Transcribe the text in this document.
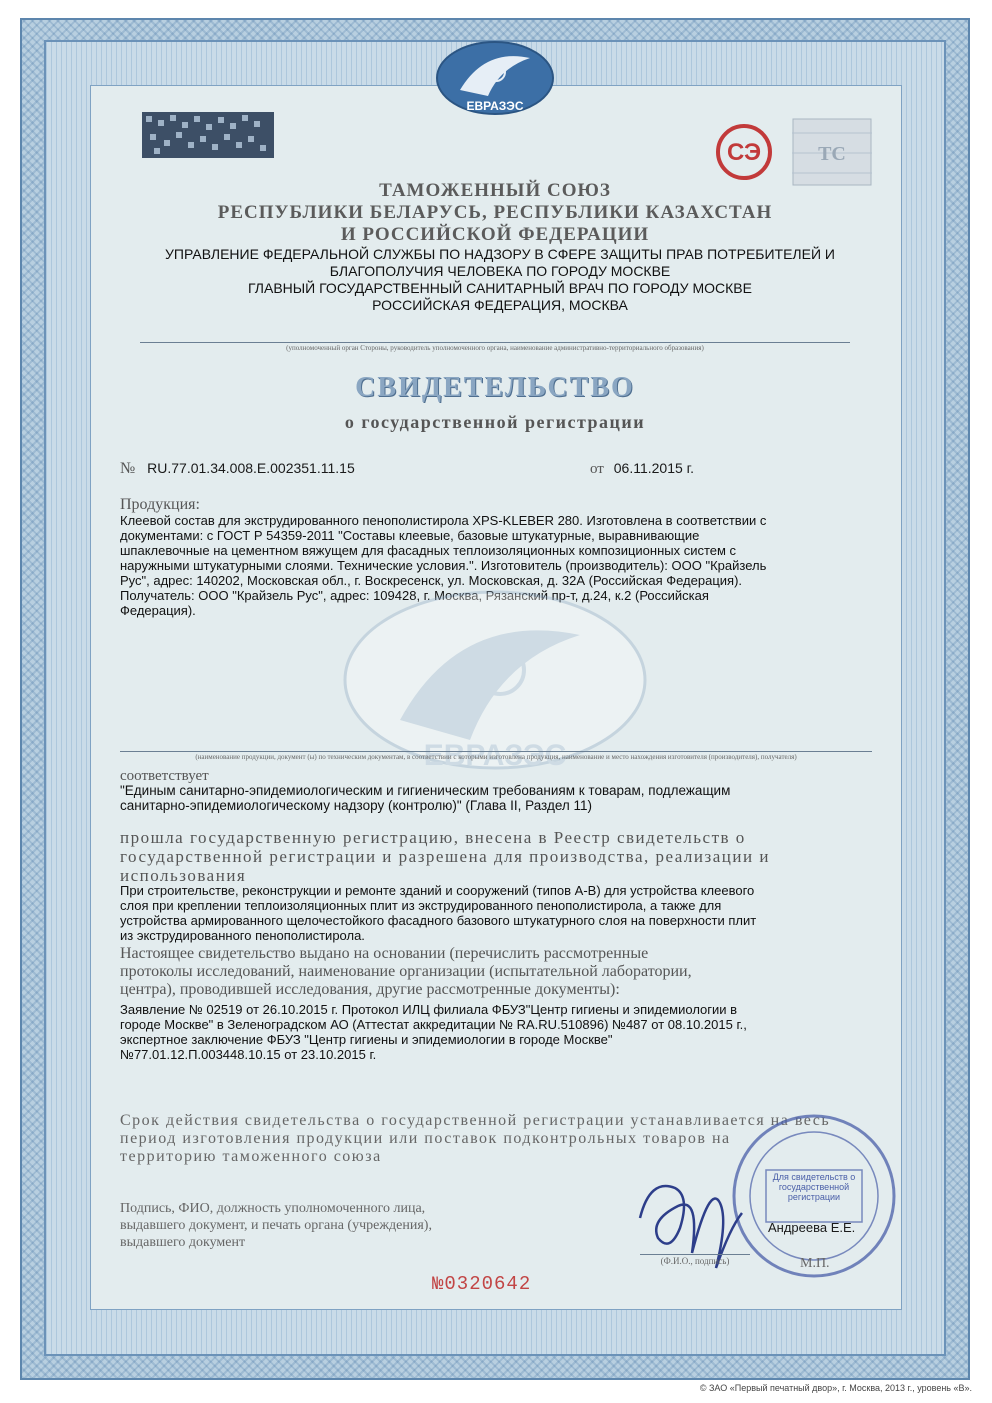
ЕВРАЗЭС
СЭ	ТС
ТАМОЖЕННЫЙ СОЮЗ
РЕСПУБЛИКИ БЕЛАРУСЬ, РЕСПУБЛИКИ КАЗАХСТАН
И РОССИЙСКОЙ ФЕДЕРАЦИИ
УПРАВЛЕНИЕ ФЕДЕРАЛЬНОЙ СЛУЖБЫ ПО НАДЗОРУ В СФЕРЕ ЗАЩИТЫ ПРАВ ПОТРЕБИТЕЛЕЙ И
БЛАГОПОЛУЧИЯ ЧЕЛОВЕКА ПО ГОРОДУ МОСКВЕ
ГЛАВНЫЙ ГОСУДАРСТВЕННЫЙ САНИТАРНЫЙ ВРАЧ ПО ГОРОДУ МОСКВЕ
РОССИЙСКАЯ ФЕДЕРАЦИЯ, МОСКВА
(уполномоченный орган Стороны, руководитель уполномоченного органа, наименование административно-территориального образования)
СВИДЕТЕЛЬСТВО
о государственной регистрации
№ RU.77.01.34.008.Е.002351.11.15	от 06.11.2015 г.
Продукция:
Клеевой состав для экструдированного пенополистирола XPS-KLEBER 280. Изготовлена в соответствии с
документами: с ГОСТ Р 54359-2011 "Составы клеевые, базовые штукатурные, выравнивающие
шпаклевочные на цементном вяжущем для фасадных теплоизоляционных композиционных систем с
наружными штукатурными слоями. Технические условия.". Изготовитель (производитель): ООО "Крайзель
Рус", адрес: 140202, Московская обл., г. Воскресенск, ул. Московская, д. 32А (Российская Федерация).
Получатель: ООО "Крайзель Рус", адрес: 109428, г. Москва, Рязанский пр-т, д.24, к.2 (Российская
Федерация).
ЕВРАЗЭС
(наименование продукции, документ (ы) по техническим документам, в соответствии с которыми изготовлена продукция, наименование и место нахождения изготовителя (производителя), получателя)
соответствует
"Единым санитарно-эпидемиологическим и гигиеническим требованиям к товарам, подлежащим
санитарно-эпидемиологическому надзору (контролю)" (Глава II, Раздел 11)
прошла государственную регистрацию, внесена в Реестр свидетельств о
государственной регистрации и разрешена для производства, реализации и
использования
При строительстве, реконструкции и ремонте зданий и сооружений (типов А-В) для устройства клеевого
слоя при креплении теплоизоляционных плит из экструдированного пенополистирола, а также для
устройства армированного щелочестойкого фасадного базового штукатурного слоя на поверхности плит
из экструдированного пенополистирола.
Настоящее свидетельство выдано на основании (перечислить рассмотренные
протоколы исследований, наименование организации (испытательной лаборатории,
центра), проводившей исследования, другие рассмотренные документы):
Заявление № 02519 от 26.10.2015 г. Протокол ИЛЦ филиала ФБУЗ"Центр гигиены и эпидемиологии в
городе Москве" в Зеленоградском АО (Аттестат аккредитации № RA.RU.510896) №487 от 08.10.2015 г.,
экспертное заключение ФБУЗ "Центр гигиены и эпидемиологии в городе Москве"
№77.01.12.П.003448.10.15 от 23.10.2015 г.
Срок действия свидетельства о государственной регистрации устанавливается на весь
период изготовления продукции или поставок подконтрольных товаров на
территорию таможенного союза
Подпись, ФИО, должность уполномоченного лица,
выдавшего документ, и печать органа (учреждения),
выдавшего документ
Для свидетельств о государственной регистрации
Андреева Е.Е.
(Ф.И.О., подпись)	М.П.
№0320642
© ЗАО «Первый печатный двор», г. Москва, 2013 г., уровень «В».
